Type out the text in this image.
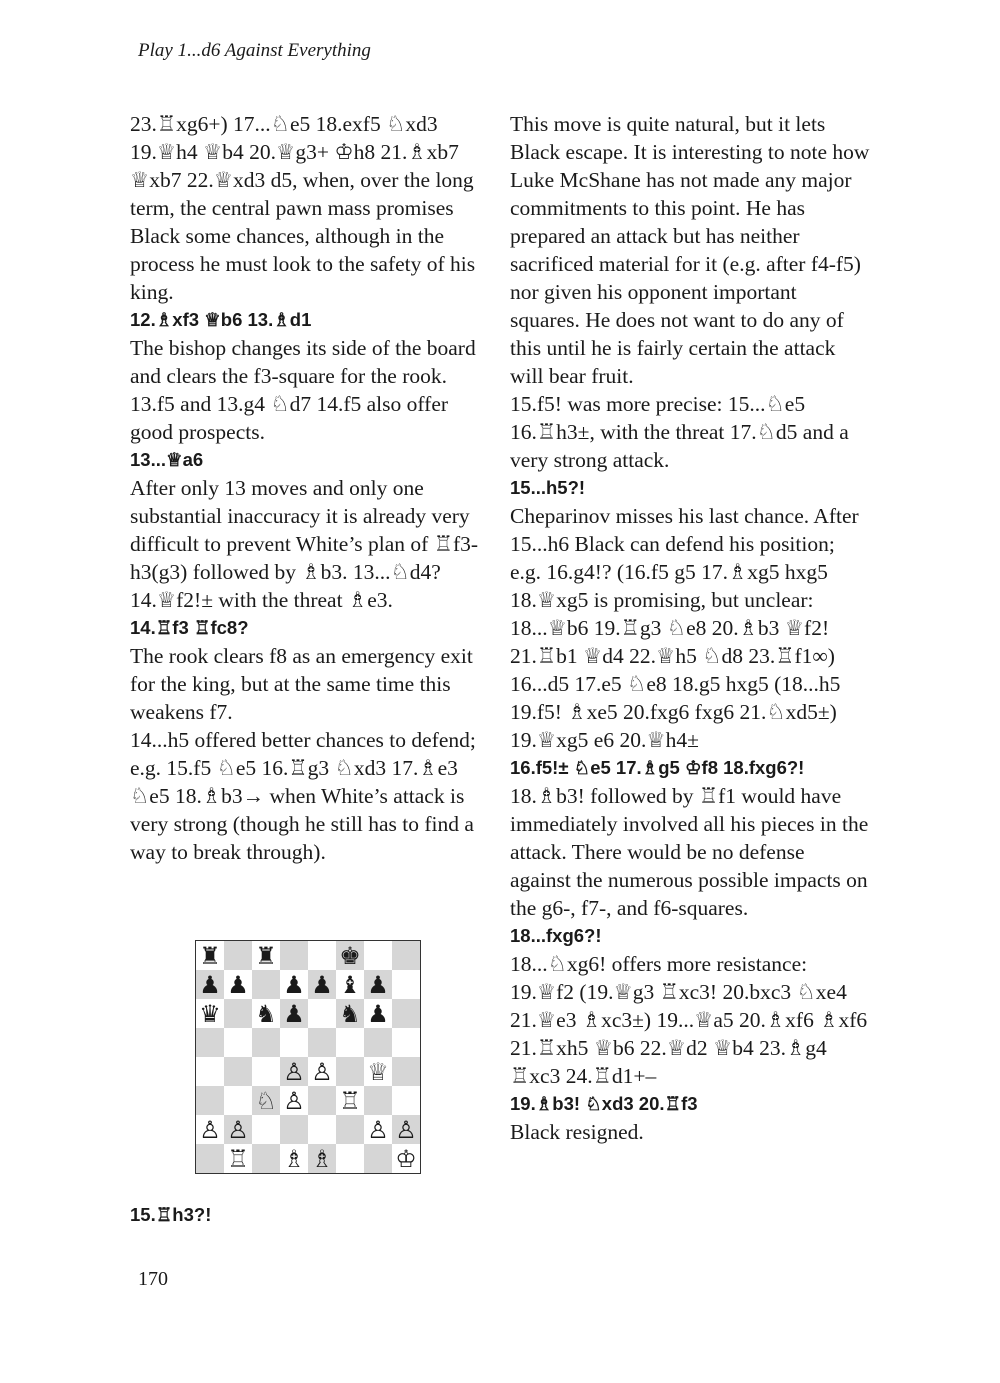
Play 1...d6 Against Everything

23.♖xg6+) 17...♘e5 18.exf5 ♘xd3 19.♕h4 ♕b4 20.♕g3+ ♔h8 21.♗xb7 ♕xb7 22.♕xd3 d5, when, over the long term, the central pawn mass promises Black some chances, although in the process he must look to the safety of his king.

12.♗xf3 ♕b6 13.♗d1

The bishop changes its side of the board and clears the f3-square for the rook.

13.f5 and 13.g4 ♘d7 14.f5 also offer good prospects.

13...♕a6

After only 13 moves and only one substantial inaccuracy it is already very difficult to prevent White’s plan of ♖f3-h3(g3) followed by ♗b3. 13...♘d4? 14.♕f2!± with the threat ♗e3.

14.♖f3 ♖fc8?

The rook clears f8 as an emergency exit for the king, but at the same time this weakens f7.

14...h5 offered better chances to defend; e.g. 15.f5 ♘e5 16.♖g3 ♘xd3 17.♗e3 ♘e5 18.♗b3→ when White’s attack is very strong (though he still has to find a way to break through).

This move is quite natural, but it lets Black escape. It is interesting to note how Luke McShane has not made any major commitments to this point. He has prepared an attack but has neither sacrificed material for it (e.g. after f4-f5) nor given his opponent important squares. He does not want to do any of this until he is fairly certain the attack will bear fruit.

15.f5! was more precise: 15...♘e5 16.♖h3±, with the threat 17.♘d5 and a very strong attack.

15...h5?!

Cheparinov misses his last chance. After 15...h6 Black can defend his position; e.g. 16.g4!? (16.f5 g5 17.♗xg5 hxg5 18.♕xg5 is promising, but unclear: 18...♕b6 19.♖g3 ♘e8 20.♗b3 ♕f2! 21.♖b1 ♕d4 22.♕h5 ♘d8 23.♖f1∞) 16...d5 17.e5 ♘e8 18.g5 hxg5 (18...h5 19.f5! ♗xe5 20.fxg6 fxg6 21.♘xd5±) 19.♕xg5 e6 20.♕h4±

16.f5!± ♘e5 17.♗g5 ♔f8 18.fxg6?!

18.♗b3! followed by ♖f1 would have immediately involved all his pieces in the attack. There would be no defense against the numerous possible impacts on the g6-, f7-, and f6-squares.

18...fxg6?!

18...♘xg6! offers more resistance: 19.♕f2 (19.♕g3 ♖xc3! 20.bxc3 ♘xe4 21.♕e3 ♗xc3±) 19...♕a5 20.♗xf6 ♗xf6 21.♖xh5 ♕b6 22.♕d2 ♕b4 23.♗g4 ♖xc3 24.♖d1+–

19.♗b3! ♘xd3 20.♖f3

Black resigned.

♜ ♜	♚
♟ ♟ ♟ ♟ ♝ ♟
♛ ♞ ♟ ♞ ♟
♙ ♙ ♕
♘ ♙ ♖
♙ ♙	♙ ♙
♖ ♗ ♗	♔
15.♖h3?!
170
